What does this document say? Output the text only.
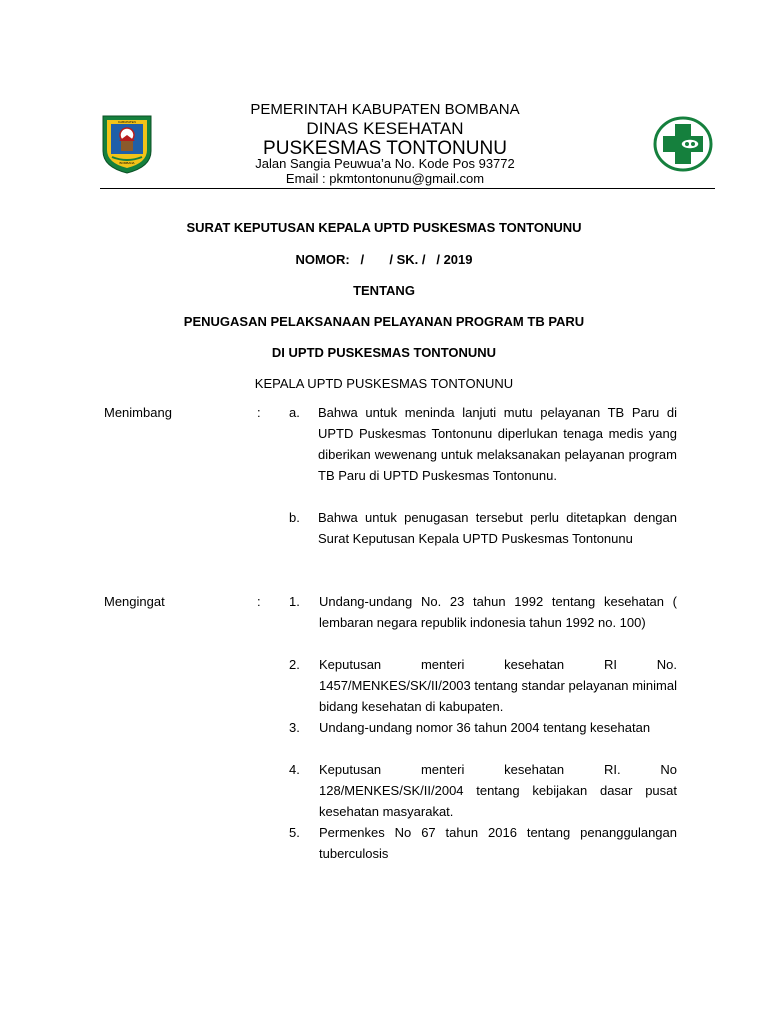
KABUPATEN
BOMBANA
PEMERINTAH KABUPATEN BOMBANA
DINAS KESEHATAN
PUSKESMAS TONTONUNU
Jalan Sangia Peuwua’a No. Kode Pos 93772
Email : pkmtontonunu@gmail.com
SURAT KEPUTUSAN KEPALA UPTD PUSKESMAS TONTONUNU
NOMOR:   /       / SK. /   / 2019
TENTANG
PENUGASAN PELAKSANAAN PELAYANAN PROGRAM TB PARU
DI UPTD PUSKESMAS TONTONUNU
KEPALA UPTD PUSKESMAS TONTONUNU
Menimbang	: a. Bahwa untuk meninda lanjuti mutu pelayanan TB Paru di UPTD Puskesmas Tontonunu diperlukan tenaga medis yang diberikan wewenang untuk melaksanakan pelayanan program TB Paru di UPTD Puskesmas Tontonunu.
b. Bahwa untuk penugasan tersebut perlu ditetapkan dengan Surat Keputusan Kepala UPTD Puskesmas Tontonunu
Mengingat	: 1. Undang-undang No. 23 tahun 1992 tentang kesehatan ( lembaran negara republik indonesia tahun 1992 no. 100)
2. Keputusan menteri kesehatan RI No. 1457/MENKES/SK/II/2003 tentang standar pelayanan minimal bidang kesehatan di kabupaten.
3. Undang-undang nomor 36 tahun 2004 tentang kesehatan
4. Keputusan menteri kesehatan RI. No 128/MENKES/SK/II/2004 tentang kebijakan dasar pusat kesehatan masyarakat.
5. Permenkes No 67 tahun 2016 tentang penanggulangan tuberculosis
